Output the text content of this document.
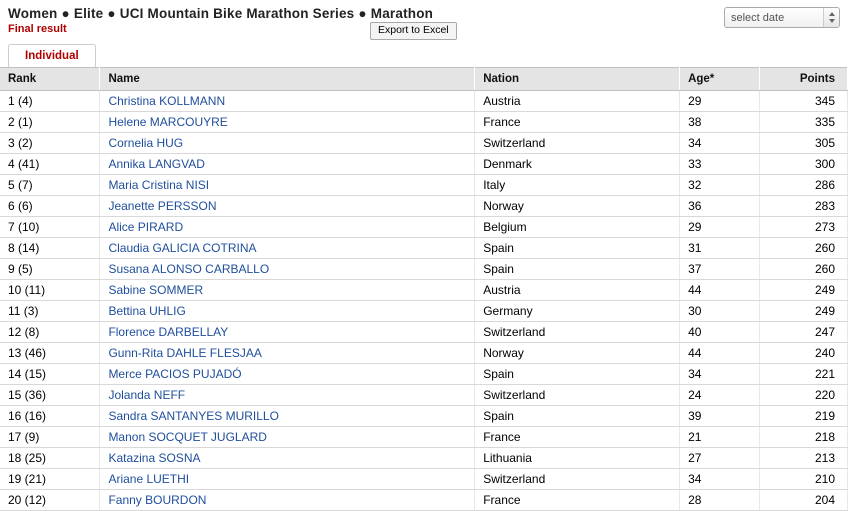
Women ● Elite ● UCI Mountain Bike Marathon Series ● Marathon
Final result	Export to Excel
select date
Individual
Rank	Name	Nation	Age*	Points
1 (4)	Christina KOLLMANN	Austria	29	345
2 (1)	Helene MARCOUYRE	France	38	335
3 (2)	Cornelia HUG	Switzerland	34	305
4 (41)	Annika LANGVAD	Denmark	33	300
5 (7)	Maria Cristina NISI	Italy	32	286
6 (6)	Jeanette PERSSON	Norway	36	283
7 (10)	Alice PIRARD	Belgium	29	273
8 (14)	Claudia GALICIA COTRINA	Spain	31	260
9 (5)	Susana ALONSO CARBALLO	Spain	37	260
10 (11)	Sabine SOMMER	Austria	44	249
11 (3)	Bettina UHLIG	Germany	30	249
12 (8)	Florence DARBELLAY	Switzerland	40	247
13 (46)	Gunn-Rita DAHLE FLESJAA	Norway	44	240
14 (15)	Merce PACIOS PUJADÓ	Spain	34	221
15 (36)	Jolanda NEFF	Switzerland	24	220
16 (16)	Sandra SANTANYES MURILLO	Spain	39	219
17 (9)	Manon SOCQUET JUGLARD	France	21	218
18 (25)	Katazina SOSNA	Lithuania	27	213
19 (21)	Ariane LUETHI	Switzerland	34	210
20 (12)	Fanny BOURDON	France	28	204
